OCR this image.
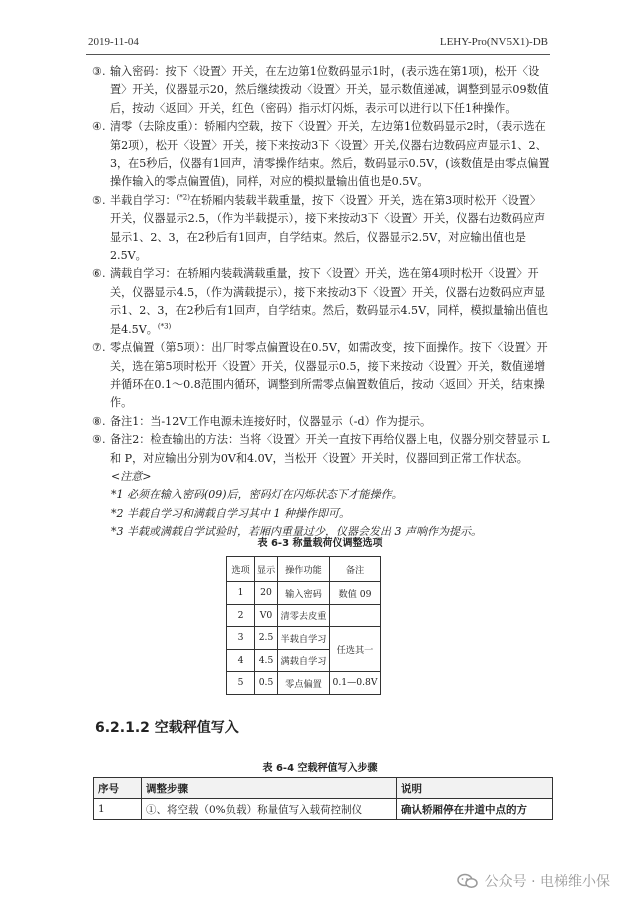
2019-11-04	LEHY-Pro(NV5X1)-DB
③. 输入密码：按下〈设置〉开关，在左边第1位数码显示1时，(表示选在第1项)，松开〈设置〉开关，仪器显示20，然后继续拨动〈设置〉开关，显示数值递减，调整到显示09数值后，按动〈返回〉开关，红色（密码）指示灯闪烁，表示可以进行以下任1种操作。
④. 清零（去除皮重）：轿厢内空载，按下〈设置〉开关，左边第1位数码显示2时，（表示选在第2项），松开〈设置〉开关，接下来按动3下〈设置〉开关,仪器右边数码应声显示1、2、3，在5秒后，仪器有1回声，清零操作结束。然后，数码显示0.5V，(该数值是由零点偏置操作输入的零点偏置值)，同样，对应的模拟量输出值也是0.5V。
⑤. 半载自学习：$^{(*2)}$在轿厢内装载半载重量，按下〈设置〉开关，选在第3项时松开〈设置〉开关，仪器显示2.5，（作为半载提示），接下来按动3下〈设置〉开关，仪器右边数码应声显示1、2、3，在2秒后有1回声，自学结束。然后，仪器显示2.5V，对应输出值也是2.5V。
⑥. 满载自学习：在轿厢内装载满载重量，按下〈设置〉开关，选在第4项时松开〈设置〉开关，仪器显示4.5，（作为满载提示），接下来按动3下〈设置〉开关，仪器右边数码应声显示1、2、3，在2秒后有1回声，自学结束。然后，数码显示4.5V，同样，模拟量输出值也是4.5V。$^{(*3)}$
⑦. 零点偏置（第5项）：出厂时零点偏置设在0.5V，如需改变，按下面操作。按下〈设置〉开关，选在第5项时松开〈设置〉开关，仪器显示0.5，接下来按动〈设置〉开关，数值递增并循环在0.1～0.8范围内循环，调整到所需零点偏置数值后，按动〈返回〉开关，结束操作。
⑧. 备注1：当-12V工作电源未连接好时，仪器显示（-d）作为提示。
⑨. 备注2：检查输出的方法：当将〈设置〉开关一直按下再给仪器上电，仪器分别交替显示 L和 P，对应输出分别为0V和4.0V，当松开〈设置〉开关时，仪器回到正常工作状态。
<注意>
*1 必须在输入密码(09)后，密码灯在闪烁状态下才能操作。
*2 半载自学习和满载自学习其中 1 种操作即可。
*3 半载或满载自学试验时，若厢内重量过少，仪器会发出 3 声响作为提示。
表 6-3 称量载荷仪调整选项
选项	显示	操作功能	备注
1	20	输入密码	数值 09
2	V0	清零去皮重	
3	2.5	半载自学习	任选其一
4	4.5	满载自学习	
5	0.5	零点偏置	0.1—0.8V
6.2.1.2 空载秤值写入
表 6-4 空载秤值写入步骤
序号	调整步骤	说明
1	①、将空载（0%负载）称量值写入载荷控制仪	确认轿厢停在井道中点的方
公众号 · 电梯维小保
